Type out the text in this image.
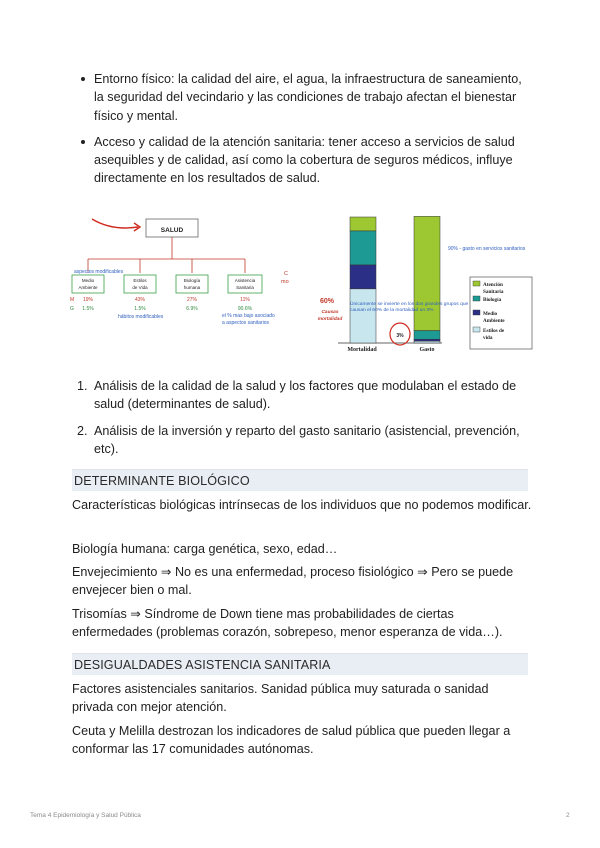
Entorno físico: la calidad del aire, el agua, la infraestructura de saneamiento, la seguridad del vecindario y las condiciones de trabajo afectan el bienestar físico y mental.
Acceso y calidad de la atención sanitaria: tener acceso a servicios de salud asequibles y de calidad, así como la cobertura de seguros médicos, influye directamente en los resultados de salud.
SALUD
aspectos modificables
Medio
Ambiente
Estilos
de Vida
Biología
humana
Asistencia
Sanitaria
M 19%	43%	27%	11%
G 1.5%	1.5%	6.9%	90.6%
hábitos modificables	el % mas bajo asociado
a aspectos sanitarios
C
mo
Mortalidad	Gasto
90% - gasto en servicios sanitarios
60%
Causas
mortalidad
Únicamente se invierte en los dos grandes grupos que causan el 60% de la mortalidad un 3%
3%
Atención
Sanitaria
Biología
Medio
Ambiente
Estilos de
vida
1. Análisis de la calidad de la salud y los factores que modulaban el estado de salud (determinantes de salud).
2. Análisis de la inversión y reparto del gasto sanitario (asistencial, prevención, etc).
DETERMINANTE BIOLÓGICO
Características biológicas intrínsecas de los individuos que no podemos modificar.
Biología humana: carga genética, sexo, edad…
Envejecimiento ⇒ No es una enfermedad, proceso fisiológico ⇒ Pero se puede envejecer bien o mal.
Trisomías ⇒ Síndrome de Down tiene mas probabilidades de ciertas enfermedades (problemas corazón, sobrepeso, menor esperanza de vida…).
DESIGUALDADES ASISTENCIA SANITARIA
Factores asistenciales sanitarios. Sanidad pública muy saturada o sanidad privada con mejor atención.
Ceuta y Melilla destrozan los indicadores de salud pública que pueden llegar a conformar las 17 comunidades autónomas.
Tema 4 Epidemiología y Salud Pública	2
